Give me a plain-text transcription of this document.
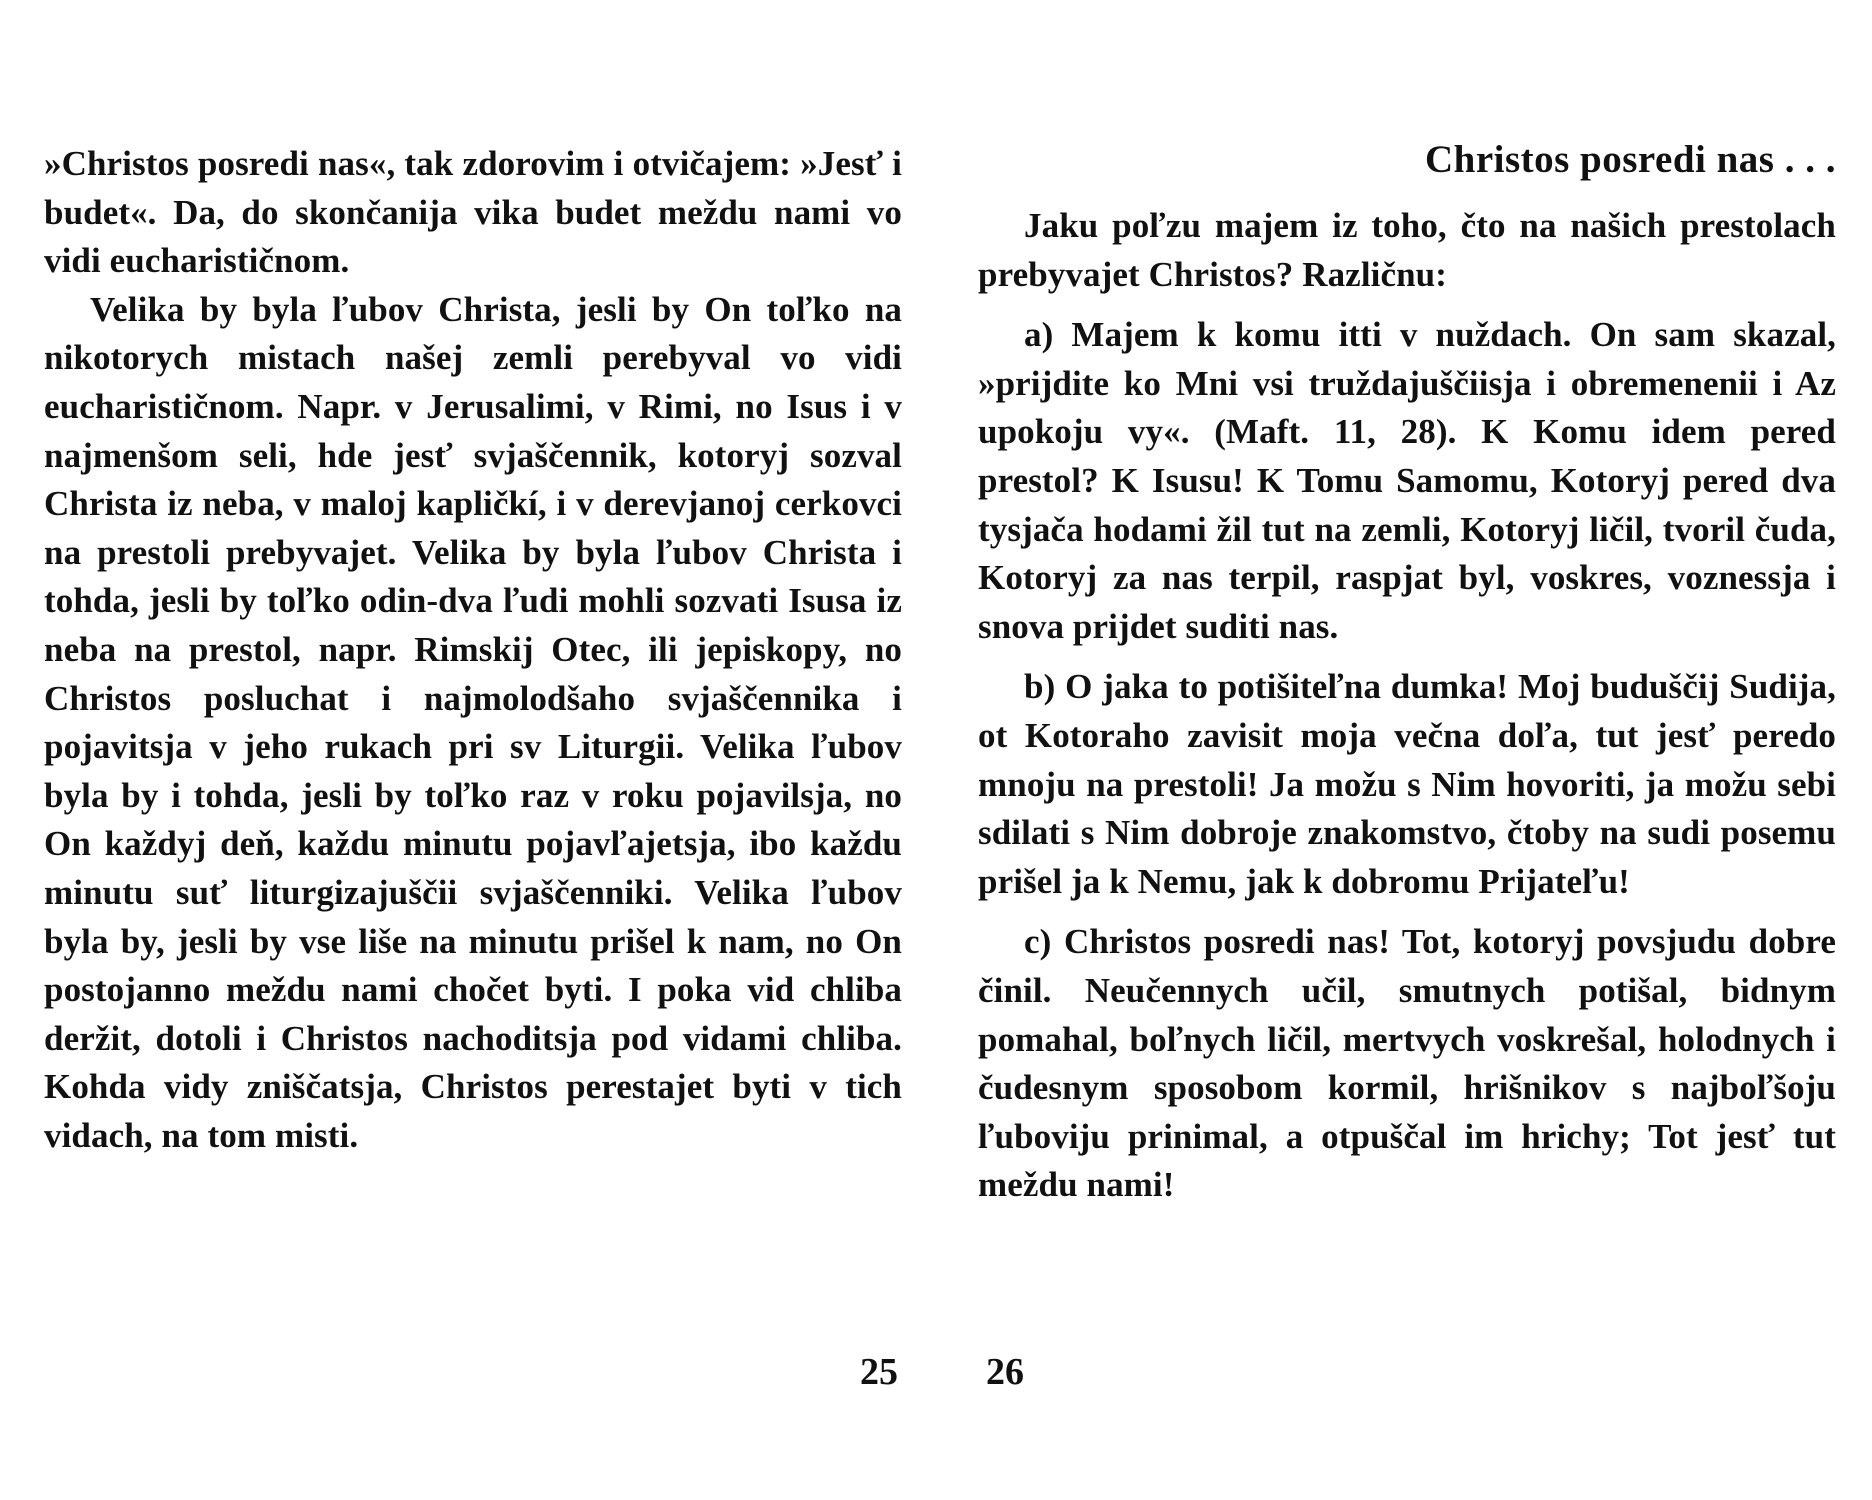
»Christos posredi nas«, tak zdorovim i otvičajem: »Jesť i budet«. Da, do skončanija vika budet meždu nami vo vidi eucharističnom.

Velika by byla ľubov Christa, jesli by On toľko na nikotorych mistach našej zemli perebyval vo vidi eucharističnom. Napr. v Jerusalimi, v Rimi, no Isus i v najmenšom seli, hde jesť svjaščennik, kotoryj sozval Christa iz neba, v maloj kapličkí, i v derevjanoj cerkovci na prestoli prebyvajet. Velika by byla ľubov Christa i tohda, jesli by toľko odin-dva ľudi mohli sozvati Isusa iz neba na prestol, napr. Rimskij Otec, ili jepiskopy, no Christos posluchat i najmolodšaho svjaščennika i pojavitsja v jeho rukach pri sv Liturgii. Velika ľubov byla by i tohda, jesli by toľko raz v roku pojavilsja, no On každyj deň, každu minutu pojavľajetsja, ibo každu minutu suť liturgizajuščii svjaščenniki. Velika ľubov byla by, jesli by vse liše na minutu prišel k nam, no On postojanno meždu nami chočet byti. I poka vid chliba deržit, dotoli i Christos nachoditsja pod vidami chliba. Kohda vidy zniščatsja, Christos perestajet byti v tich vidach, na tom misti.

25
Christos posredi nas . . .

Jaku poľzu majem iz toho, čto na našich prestolach prebyvajet Christos? Različnu:

a) Majem k komu itti v nuždach. On sam skazal, »prijdite ko Mni vsi truždajuščiisja i obremenenii i Az upokoju vy«. (Maft. 11, 28). K Komu idem pered prestol? K Isusu! K Tomu Samomu, Kotoryj pered dva tysjača hodami žil tut na zemli, Kotoryj ličil, tvoril čuda, Kotoryj za nas terpil, raspjat byl, voskres, voznessja i snova prijdet suditi nas.

b) O jaka to potišiteľna dumka! Moj buduščij Sudija, ot Kotoraho zavisit moja večna doľa, tut jesť peredo mnoju na prestoli! Ja možu s Nim hovoriti, ja možu sebi sdilati s Nim dobroje znakomstvo, čtoby na sudi posemu prišel ja k Nemu, jak k dobromu Prijateľu!

c) Christos posredi nas! Tot, kotoryj povsjudu dobre činil. Neučennych učil, smutnych potišal, bidnym pomahal, boľnych ličil, mertvych voskrešal, holodnych i čudesnym sposobom kormil, hrišnikov s najboľšoju ľuboviju prinimal, a otpuščal im hrichy; Tot jesť tut meždu nami!

26
